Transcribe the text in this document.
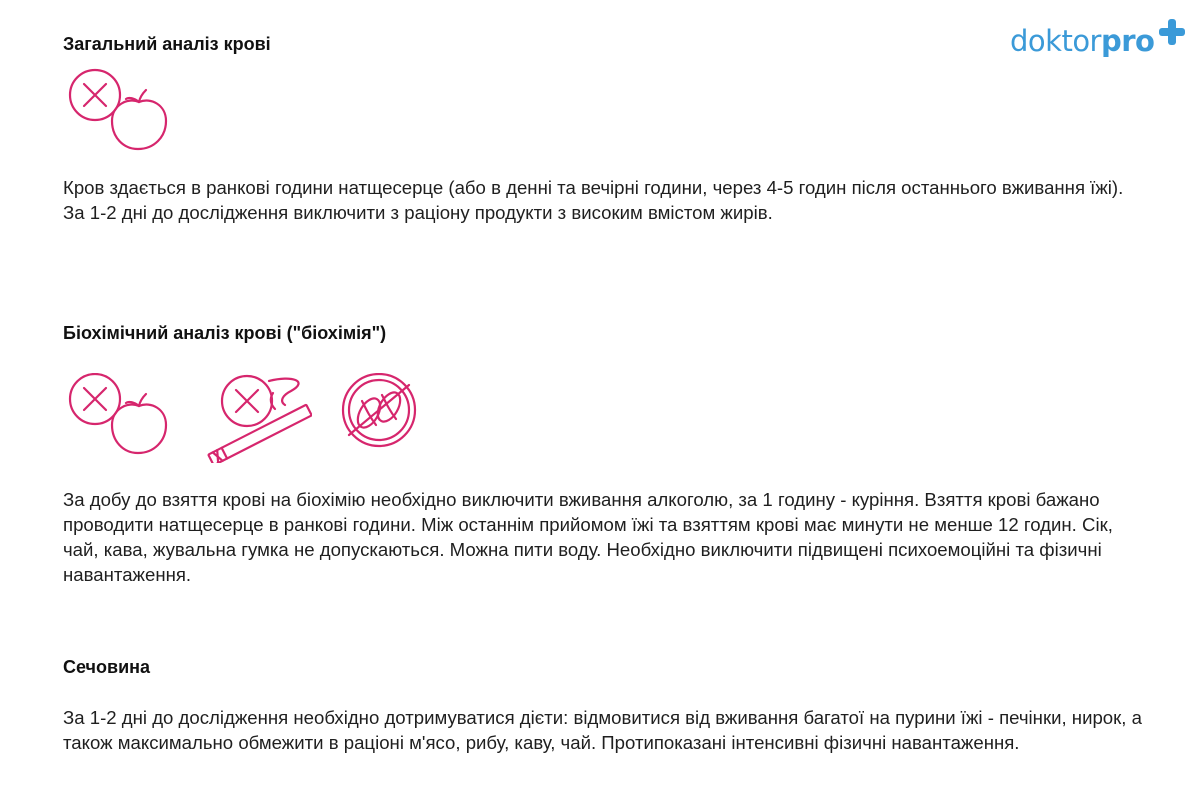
doktorpro
Загальний аналіз крові

Кров здається в ранкові години натщесерце (або в денні та вечірні години, через 4-5 годин після останнього вживання їжі). За 1-2 дні до дослідження виключити з раціону продукти з високим вмістом жирів.

Біохімічний аналіз крові ("біохімія")

За добу до взяття крові на біохімію необхідно виключити вживання алкоголю, за 1 годину - куріння. Взяття крові бажано проводити натщесерце в ранкові години. Між останнім прийомом їжі та взяттям крові має минути не менше 12 годин. Сік, чай, кава, жувальна гумка не допускаються. Можна пити воду. Необхідно виключити підвищені психоемоційні та фізичні навантаження.

Сечовина

За 1-2 дні до дослідження необхідно дотримуватися дієти: відмовитися від вживання багатої на пурини їжі - печінки, нирок, а також максимально обмежити в раціоні м'ясо, рибу, каву, чай. Протипоказані інтенсивні фізичні навантаження.
